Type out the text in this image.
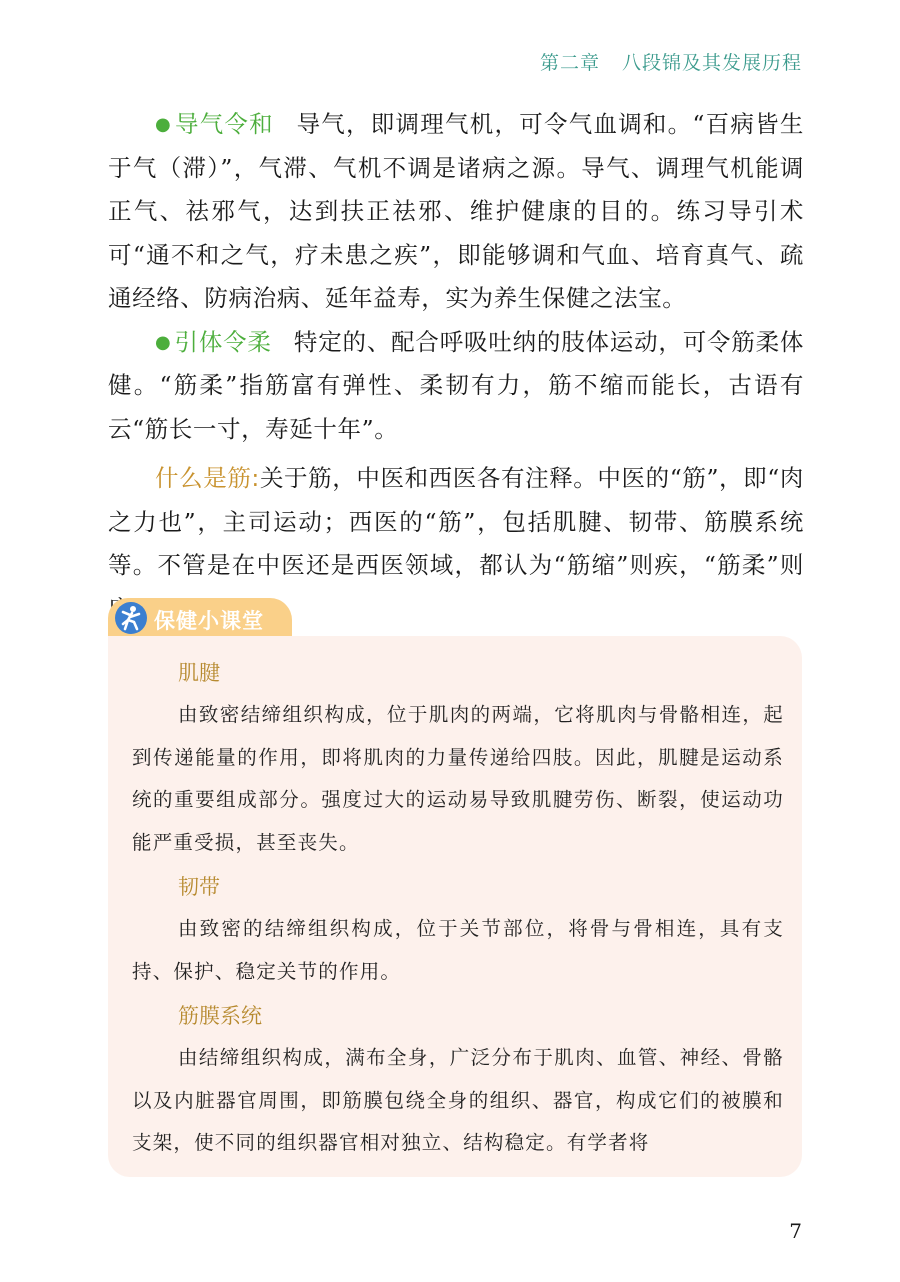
第二章 八段锦及其发展历程

● 导气令和 导气，即调理气机，可令气血调和。“百病皆生于气（滞）”，气滞、气机不调是诸病之源。导气、调理气机能调正气、祛邪气，达到扶正祛邪、维护健康的目的。练习导引术可“通不和之气，疗未患之疾”，即能够调和气血、培育真气、疏通经络、防病治病、延年益寿，实为养生保健之法宝。

● 引体令柔 特定的、配合呼吸吐纳的肢体运动，可令筋柔体健。“筋柔”指筋富有弹性、柔韧有力，筋不缩而能长，古语有云“筋长一寸，寿延十年”。

什么是筋:关于筋，中医和西医各有注释。中医的“筋”，即“肉之力也”，主司运动；西医的“筋”，包括肌腱、韧带、筋膜系统等。不管是在中医还是西医领域，都认为“筋缩”则疾，“筋柔”则

保健小课堂

肌腱

由致密结缔组织构成，位于肌肉的两端，它将肌肉与骨骼相连，起到传递能量的作用，即将肌肉的力量传递给四肢。因此，肌腱是运动系统的重要组成部分。强度过大的运动易导致肌腱劳伤、断裂，使运动功能严重受损，甚至丧失。

韧带

由致密的结缔组织构成，位于关节部位，将骨与骨相连，具有支持、保护、稳定关节的作用。

筋膜系统

由结缔组织构成，满布全身，广泛分布于肌肉、血管、神经、骨骼以及内脏器官周围，即筋膜包绕全身的组织、器官，构成它们的被膜和支架，使不同的组织器官相对独立、结构稳定。有学者将

7
